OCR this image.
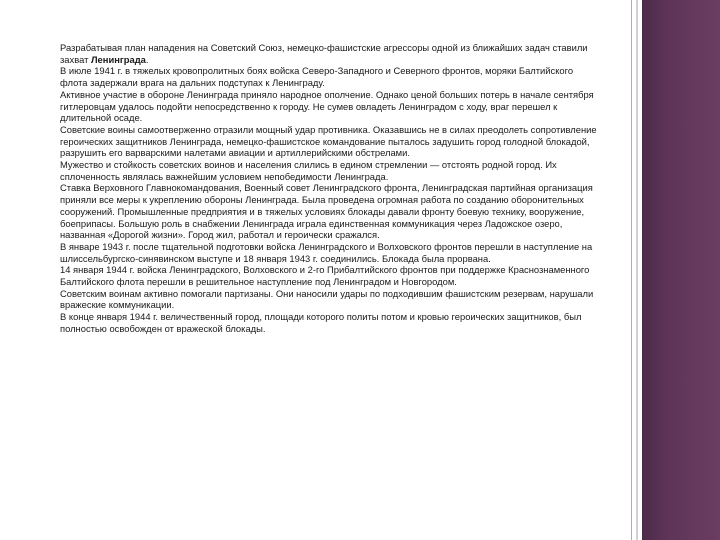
Разрабатывая план нападения на Советский Союз, немецко-фашистские агрессоры одной из ближайших задач ставили захват Ленинграда.

В июле 1941 г. в тяжелых кровопролитных боях войска Северо-Западного и Северного фронтов, моряки Балтийского флота задержали врага на дальних подступах к Ленинграду.

Активное участие в обороне Ленинграда приняло народное ополчение. Однако ценой больших потерь в начале сентября гитлеровцам удалось подойти непосредственно к городу. Не сумев овладеть Ленинградом с ходу, враг перешел к длительной осаде.

Советские воины самоотверженно отразили мощный удар противника. Оказавшись не в силах преодолеть сопротивление героических защитников Ленинграда, немецко-фашистское командование пыталось задушить город голодной блокадой, разрушить его варварскими налетами авиации и артиллерийскими обстрелами.

Мужество и стойкость советских воинов и населения слились в едином стремлении — отстоять родной город. Их сплоченность являлась важнейшим условием непобедимости Ленинграда.

Ставка Верховного Главнокомандования, Военный совет Ленинградского фронта, Ленинградская партийная организация приняли все меры к укреплению обороны Ленинграда. Была проведена огромная работа по созданию оборонительных сооружений. Промышленные предприятия и в тяжелых условиях блокады давали фронту боевую технику, вооружение, боеприпасы. Большую роль в снабжении Ленинграда играла единственная коммуникация через Ладожское озеро, названная «Дорогой жизни». Город жил, работал и героически сражался.

В январе 1943 г. после тщательной подготовки войска Ленинградского и Волховского фронтов перешли в наступление на шлиссельбургско-синявинском выступе и 18 января 1943 г. соединились. Блокада была прорвана.

14 января 1944 г. войска Ленинградского, Волховского и 2-го Прибалтийского фронтов при поддержке Краснознаменного Балтийского флота перешли в решительное наступление под Ленинградом и Новгородом.

Советским воинам активно помогали партизаны. Они наносили удары по подходившим фашистским резервам, нарушали вражеские коммуникации.

В конце января 1944 г. величественный город, площади которого политы потом и кровью героических защитников, был полностью освобожден от вражеской блокады.
